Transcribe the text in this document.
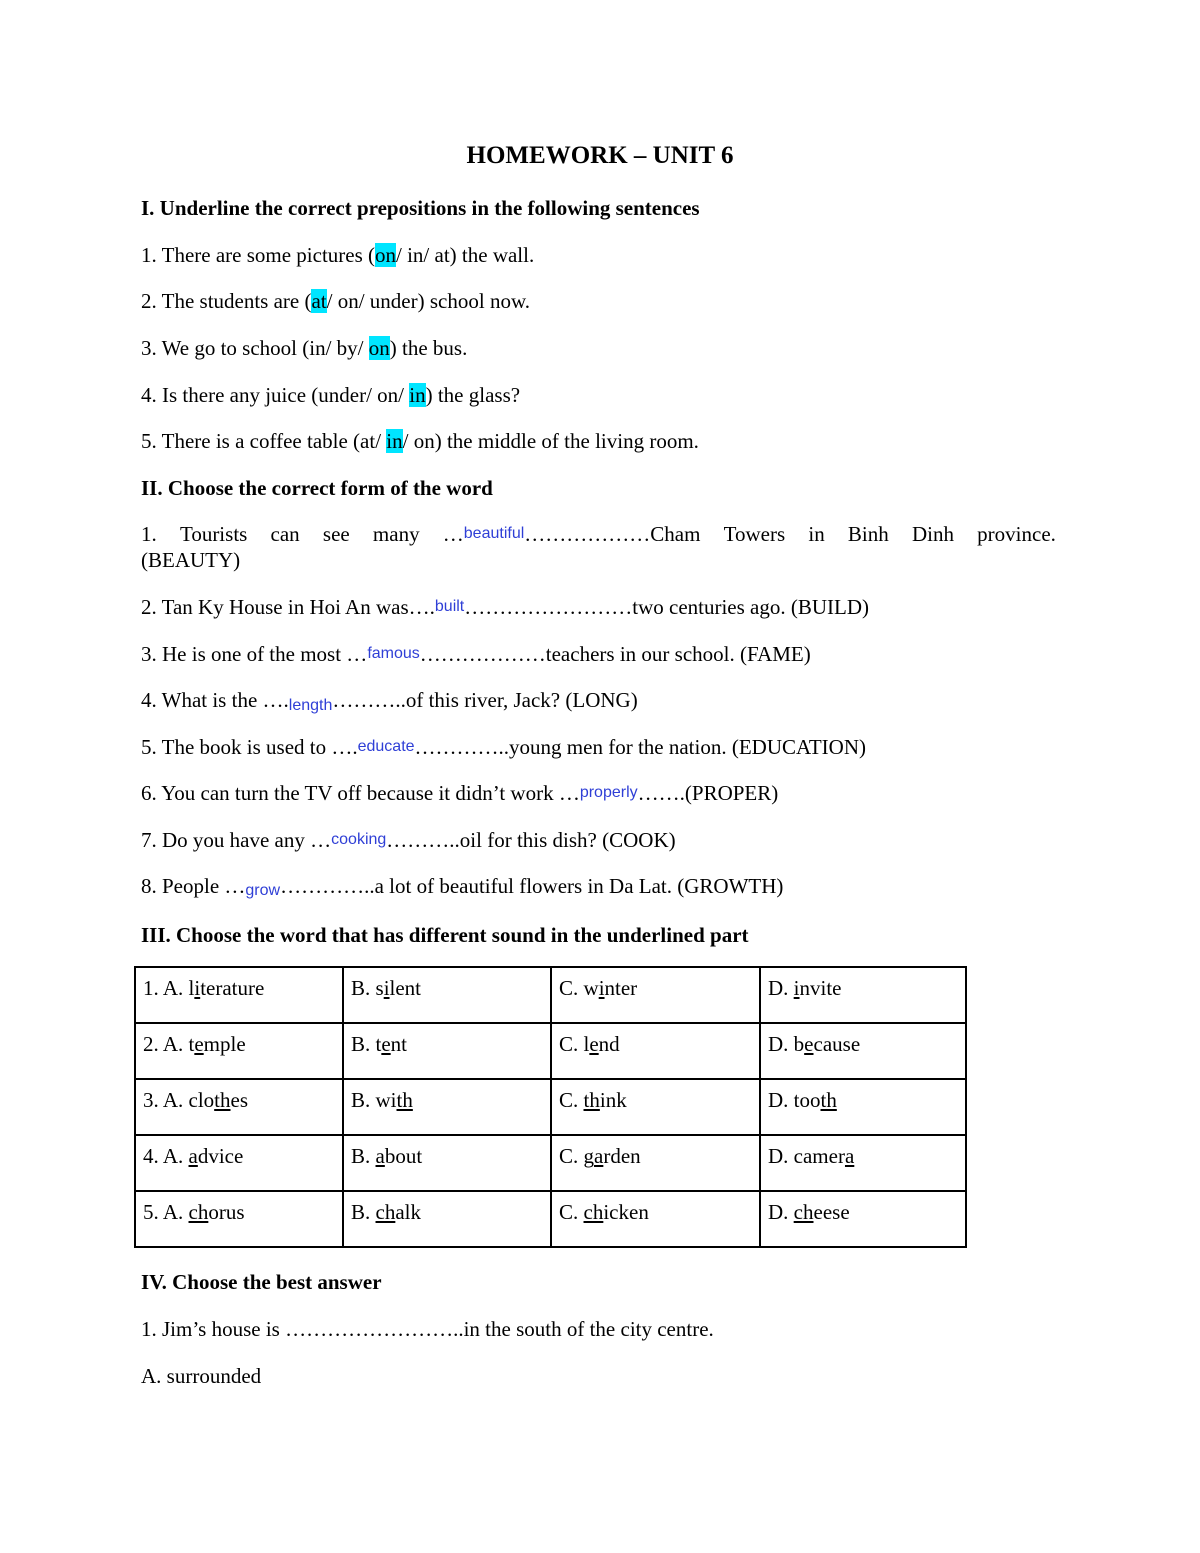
HOMEWORK – UNIT 6
I. Underline the correct prepositions in the following sentences
1. There are some pictures (on/ in/ at) the wall.
2. The students are (at/ on/ under) school now.
3. We go to school (in/ by/ on) the bus.
4. Is there any juice (under/ on/ in) the glass?
5. There is a coffee table (at/ in/ on) the middle of the living room.
II. Choose the correct form of the word
1. Tourists can see many …beautiful………………Cham Towers in Binh Dinh province.
(BEAUTY)
2. Tan Ky House in Hoi An was….built……………………two centuries ago. (BUILD)
3. He is one of the most …famous………………teachers in our school. (FAME)
4. What is the ….length………..of this river, Jack? (LONG)
5. The book is used to ….educate…………..young men for the nation. (EDUCATION)
6. You can turn the TV off because it didn’t work …properly…….(PROPER)
7. Do you have any …cooking………..oil for this dish? (COOK)
8. People …grow…………..a lot of beautiful flowers in Da Lat. (GROWTH)
III. Choose the word that has different sound in the underlined part
1. A. literature	B. silent	C. winter	D. invite
2. A. temple	B. tent	C. lend	D. because
3. A. clothes	B. with	C. think	D. tooth
4. A. advice	B. about	C. garden	D. camera
5. A. chorus	B. chalk	C. chicken	D. cheese
IV. Choose the best answer
1. Jim’s house is ……………………..in the south of the city centre.
A. surrounded
